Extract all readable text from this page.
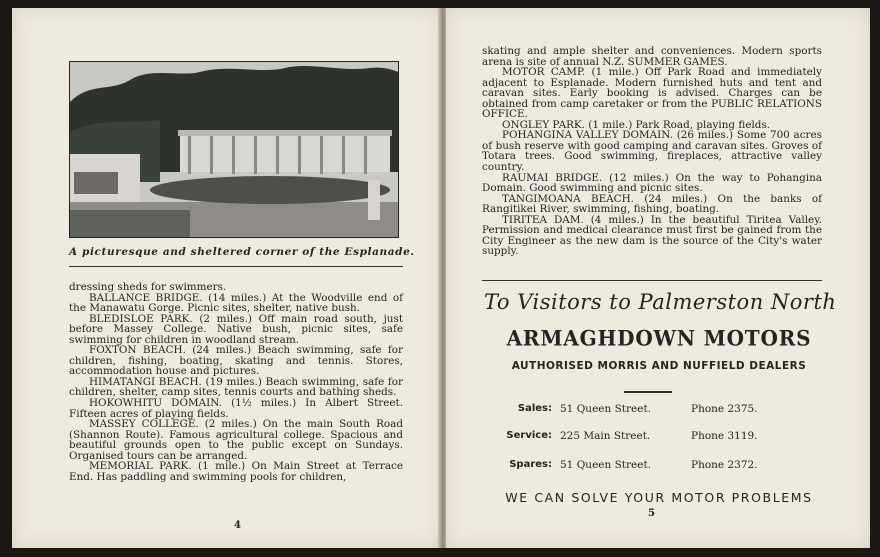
A picturesque and sheltered corner of the Esplanade.

dressing sheds for swimmers.

BALLANCE BRIDGE. (14 miles.) At the Woodville end of the Manawatu Gorge. Picnic sites, shelter, native bush.

BLEDISLOE PARK. (2 miles.) Off main road south, just before Massey College. Native bush, picnic sites, safe swimming for children in woodland stream.

FOXTON BEACH. (24 miles.) Beach swimming, safe for children, fishing, boating, skating and tennis. Stores, accommodation house and pictures.

HIMATANGI BEACH. (19 miles.) Beach swimming, safe for children, shelter, camp sites, tennis courts and bathing sheds.

HOKOWHITU DOMAIN. (1½ miles.) In Albert Street. Fifteen acres of playing fields.

MASSEY COLLEGE. (2 miles.) On the main South Road (Shannon Route). Famous agricultural college. Spacious and beautiful grounds open to the public except on Sundays. Organised tours can be arranged.

MEMORIAL PARK. (1 mile.) On Main Street at Terrace End. Has paddling and swimming pools for children,

4

skating and ample shelter and conveniences. Modern sports arena is site of annual N.Z. SUMMER GAMES.

MOTOR CAMP. (1 mile.) Off Park Road and immediately adjacent to Esplanade. Modern furnished huts and tent and caravan sites. Early booking is advised. Charges can be obtained from camp caretaker or from the PUBLIC RELATIONS OFFICE.

ONGLEY PARK. (1 mile.) Park Road, playing fields.

POHANGINA VALLEY DOMAIN. (26 miles.) Some 700 acres of bush reserve with good camping and caravan sites. Groves of Totara trees. Good swimming, fireplaces, attractive valley country.

RAUMAI BRIDGE. (12 miles.) On the way to Pohangina Domain. Good swimming and picnic sites.

TANGIMOANA BEACH. (24 miles.) On the banks of Rangitikei River, swimming, fishing, boating.

TIRITEA DAM. (4 miles.) In the beautiful Tiritea Valley. Permission and medical clearance must first be gained from the City Engineer as the new dam is the source of the City's water supply.

To Visitors to Palmerston North
ARMAGHDOWN MOTORS
AUTHORISED MORRIS AND NUFFIELD DEALERS
Sales: 51 Queen Street.	Phone 2375.
Service: 225 Main Street.	Phone 3119.
Spares: 51 Queen Street.	Phone 2372.
WE CAN SOLVE YOUR MOTOR PROBLEMS
5
